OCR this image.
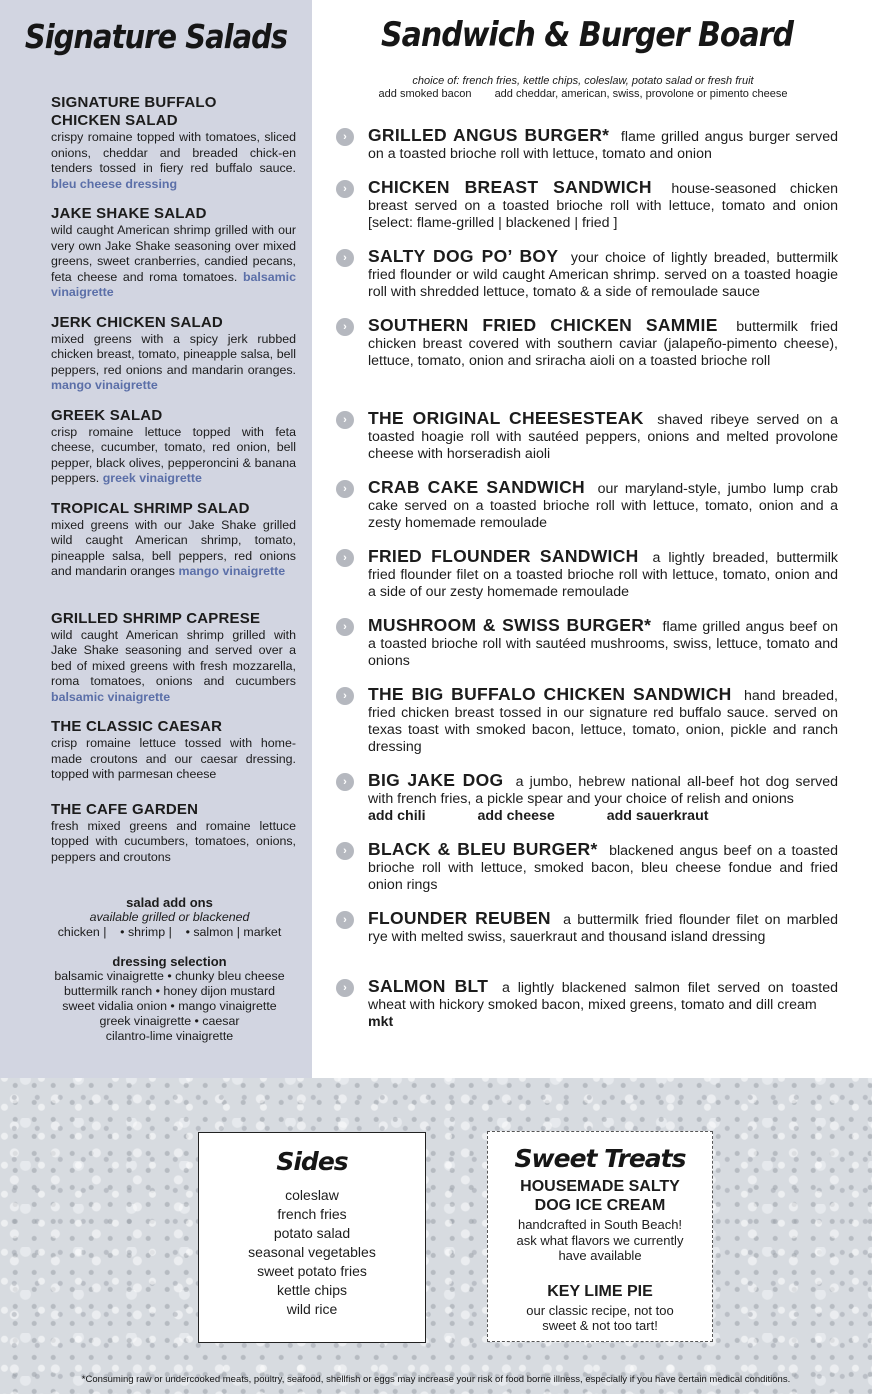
Signature Salads
SIGNATURE BUFFALO CHICKEN SALAD
crispy romaine topped with tomatoes, sliced onions, cheddar and breaded chick-en tenders tossed in fiery red buffalo sauce. bleu cheese dressing
JAKE SHAKE SALAD
wild caught American shrimp grilled with our very own Jake Shake seasoning over mixed greens, sweet cranberries, candied pecans, feta cheese and roma tomatoes. balsamic vinaigrette
JERK CHICKEN SALAD
mixed greens with a spicy jerk rubbed chicken breast, tomato, pineapple salsa, bell peppers, red onions and mandarin oranges. mango vinaigrette
GREEK SALAD
crisp romaine lettuce topped with feta cheese, cucumber, tomato, red onion, bell pepper, black olives, pepperoncini & banana peppers. greek vinaigrette
TROPICAL SHRIMP SALAD
mixed greens with our Jake Shake grilled wild caught American shrimp, tomato, pineapple salsa, bell peppers, red onions and mandarin oranges mango vinaigrette
GRILLED SHRIMP CAPRESE
wild caught American shrimp grilled with Jake Shake seasoning and served over a bed of mixed greens with fresh mozzarella, roma tomatoes, onions and cucumbers balsamic vinaigrette
THE CLASSIC CAESAR
crisp romaine lettuce tossed with home-made croutons and our caesar dressing. topped with parmesan cheese
THE CAFE GARDEN
fresh mixed greens and romaine lettuce topped with cucumbers, tomatoes, onions, peppers and croutons
salad add ons
available grilled or blackened
chicken |    • shrimp |    • salmon | market
dressing selection
balsamic vinaigrette • chunky bleu cheese
buttermilk ranch • honey dijon mustard
sweet vidalia onion • mango vinaigrette
greek vinaigrette • caesar
cilantro-lime vinaigrette
Sandwich & Burger Board
choice of: french fries, kettle chips, coleslaw, potato salad or fresh fruit
add smoked bacon add cheddar, american, swiss, provolone or pimento cheese
›	GRILLED ANGUS BURGER* flame grilled angus burger served on a toasted brioche roll with lettuce, tomato and onion
›	CHICKEN BREAST SANDWICH house-seasoned chicken breast served on a toasted brioche roll with lettuce, tomato and onion [select: flame-grilled | blackened | fried ]
›	SALTY DOG PO’ BOY your choice of lightly breaded, buttermilk fried flounder or wild caught American shrimp. served on a toasted hoagie roll with shredded lettuce, tomato & a side of remoulade sauce
›	SOUTHERN FRIED CHICKEN SAMMIE buttermilk fried chicken breast covered with southern caviar (jalapeño-pimento cheese), lettuce, tomato, onion and sriracha aioli on a toasted brioche roll
›	THE ORIGINAL CHEESESTEAK shaved ribeye served on a toasted hoagie roll with sautéed peppers, onions and melted provolone cheese with horseradish aioli
›	CRAB CAKE SANDWICH our maryland-style, jumbo lump crab cake served on a toasted brioche roll with lettuce, tomato, onion and a zesty homemade remoulade
›	FRIED FLOUNDER SANDWICH a lightly breaded, buttermilk fried flounder filet on a toasted brioche roll with lettuce, tomato, onion and a side of our zesty homemade remoulade
›	MUSHROOM & SWISS BURGER* flame grilled angus beef on a toasted brioche roll with sautéed mushrooms, swiss, lettuce, tomato and onions
›	THE BIG BUFFALO CHICKEN SANDWICH hand breaded, fried chicken breast tossed in our signature red buffalo sauce. served on texas toast with smoked bacon, lettuce, tomato, onion, pickle and ranch dressing
›	BIG JAKE DOG a jumbo, hebrew national all-beef hot dog served with french fries, a pickle spear and your choice of relish and onions
add chili	add cheese	add sauerkraut
›	BLACK & BLEU BURGER* blackened angus beef on a toasted brioche roll with lettuce, smoked bacon, bleu cheese fondue and fried onion rings
›	FLOUNDER REUBEN a buttermilk fried flounder filet on marbled rye with melted swiss, sauerkraut and thousand island dressing
›	SALMON BLT a lightly blackened salmon filet served on toasted wheat with hickory smoked bacon, mixed greens, tomato and dill cream
mkt
Sides
coleslaw
french fries
potato salad
seasonal vegetables
sweet potato fries
kettle chips
wild rice
Sweet Treats
HOUSEMADE SALTY DOG ICE CREAM
handcrafted in South Beach! ask what flavors we currently have available
KEY LIME PIE
our classic recipe, not too sweet & not too tart!
*Consuming raw or undercooked meats, poultry, seafood, shellfish or eggs may increase your risk of food borne illness, especially if you have certain medical conditions.
